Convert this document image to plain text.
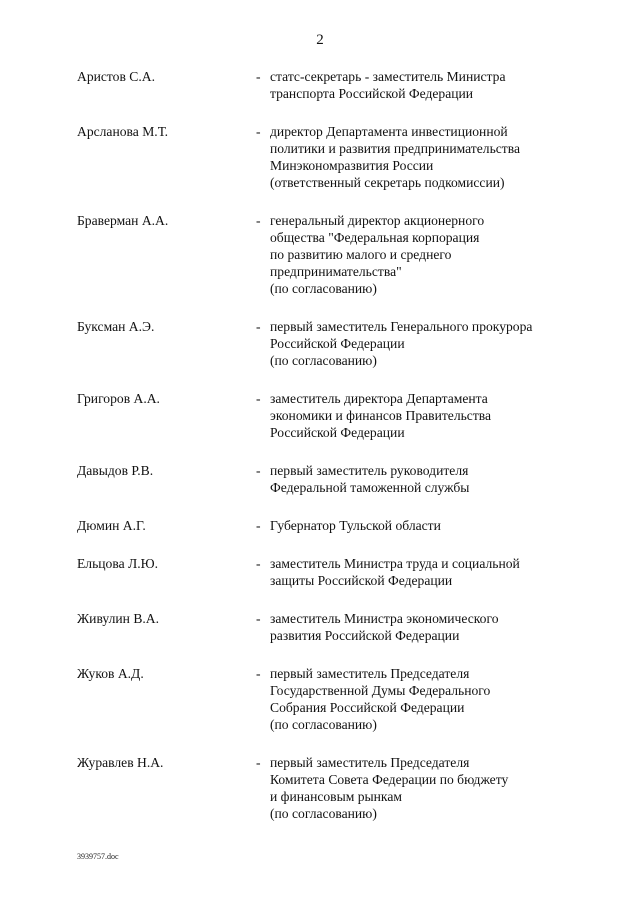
2
Аристов С.А.	- статс-секретарь - заместитель Министра
транспорта Российской Федерации
Арсланова М.Т.	- директор Департамента инвестиционной
политики и развития предпринимательства
Минэкономразвития России
(ответственный секретарь подкомиссии)
Браверман А.А.	- генеральный директор акционерного
общества "Федеральная корпорация
по развитию малого и среднего
предпринимательства"
(по согласованию)
Буксман А.Э.	- первый заместитель Генерального прокурора
Российской Федерации
(по согласованию)
Григоров А.А.	- заместитель директора Департамента
экономики и финансов Правительства
Российской Федерации
Давыдов Р.В.	- первый заместитель руководителя
Федеральной таможенной службы
Дюмин А.Г.	- Губернатор Тульской области
Ельцова Л.Ю.	- заместитель Министра труда и социальной
защиты Российской Федерации
Живулин В.А.	- заместитель Министра экономического
развития Российской Федерации
Жуков А.Д.	- первый заместитель Председателя
Государственной Думы Федерального
Собрания Российской Федерации
(по согласованию)
Журавлев Н.А.	- первый заместитель Председателя
Комитета Совета Федерации по бюджету
и финансовым рынкам
(по согласованию)
3939757.doc
